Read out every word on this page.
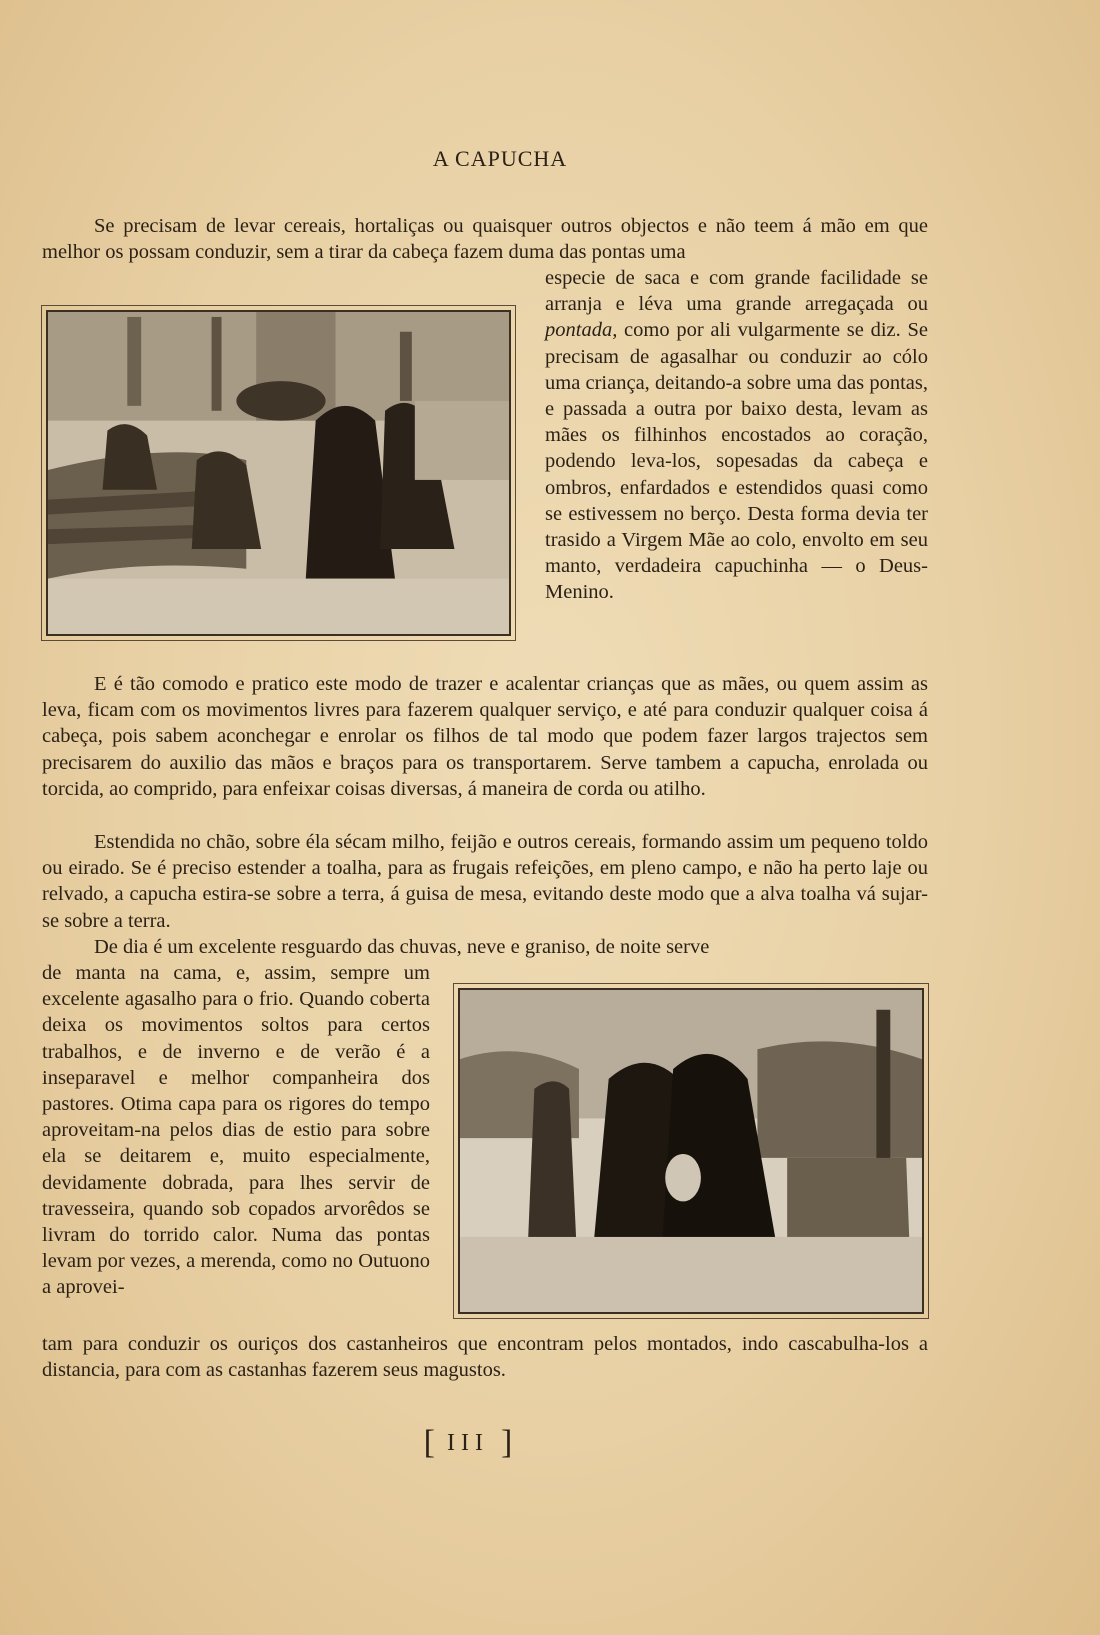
A CAPUCHA

Se precisam de levar cereais, hortaliças ou quaisquer outros objectos e não teem á mão em que melhor os possam conduzir, sem a tirar da cabeça fazem duma das pontas uma

especie de saca e com grande facilidade se arranja e léva uma grande arregaçada ou pontada, como por ali vulgarmente se diz. Se precisam de agasalhar ou conduzir ao cólo uma criança, deitando-a sobre uma das pontas, e passada a outra por baixo desta, levam as mães os filhinhos encostados ao coração, podendo leva-los, sopesadas da cabeça e ombros, enfardados e estendidos quasi como se estivessem no berço. Desta forma devia ter trasido a Virgem Mãe ao colo, envolto em seu manto, verdadeira capuchinha — o Deus-Menino.

E é tão comodo e pratico este modo de trazer e acalentar crianças que as mães, ou quem assim as leva, ficam com os movimentos livres para fazerem qualquer serviço, e até para conduzir qualquer coisa á cabeça, pois sabem aconchegar e enrolar os filhos de tal modo que podem fazer largos trajectos sem precisarem do auxilio das mãos e braços para os transportarem. Serve tambem a capucha, enrolada ou torcida, ao comprido, para enfeixar coisas diversas, á maneira de corda ou atilho.

Estendida no chão, sobre éla sécam milho, feijão e outros cereais, formando assim um pequeno toldo ou eirado. Se é preciso estender a toalha, para as frugais refeições, em pleno campo, e não ha perto laje ou relvado, a capucha estira-se sobre a terra, á guisa de mesa, evitando deste modo que a alva toalha vá sujar-se sobre a terra.

De dia é um excelente resguardo das chuvas, neve e graniso, de noite serve

de manta na cama, e, assim, sempre um excelente agasalho para o frio. Quando coberta deixa os movimentos soltos para certos trabalhos, e de inverno e de verão é a inseparavel e melhor companheira dos pastores. Otima capa para os rigores do tempo aproveitam-na pelos dias de estio para sobre ela se deitarem e, muito especialmente, devidamente dobrada, para lhes servir de travesseira, quando sob copados arvorêdos se livram do torrido calor. Numa das pontas levam por vezes, a merenda, como no Outuono a aprovei-

tam para conduzir os ouriços dos castanheiros que encontram pelos montados, indo cascabulha-los a distancia, para com as castanhas fazerem seus magustos.

[ III ]
